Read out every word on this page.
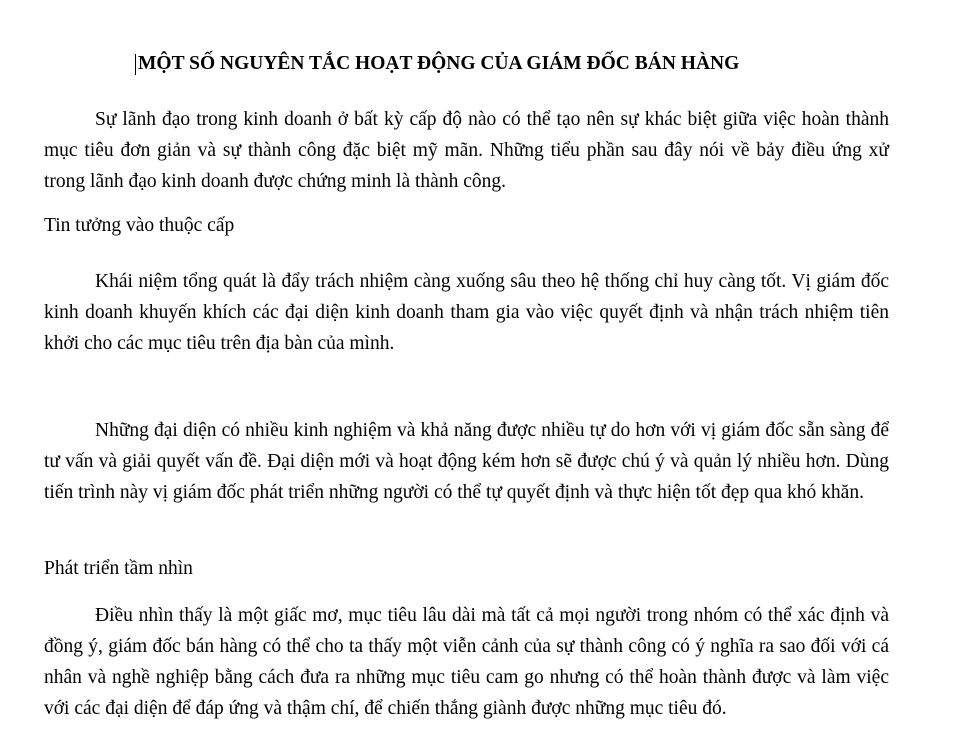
MỘT SỐ NGUYÊN TẮC HOẠT ĐỘNG CỦA GIÁM ĐỐC BÁN HÀNG

Sự lãnh đạo trong kinh doanh ở bất kỳ cấp độ nào có thể tạo nên sự khác biệt giữa việc hoàn thành mục tiêu đơn giản và sự thành công đặc biệt mỹ mãn. Những tiểu phần sau đây nói về bảy điều ứng xử trong lãnh đạo kinh doanh được chứng minh là thành công.

Tin tưởng vào thuộc cấp

Khái niệm tổng quát là đẩy trách nhiệm càng xuống sâu theo hệ thống chỉ huy càng tốt. Vị giám đốc kinh doanh khuyến khích các đại diện kinh doanh tham gia vào việc quyết định và nhận trách nhiệm tiên khởi cho các mục tiêu trên địa bàn của mình.

Những đại diện có nhiều kinh nghiệm và khả năng được nhiều tự do hơn với vị giám đốc sẵn sàng để tư vấn và giải quyết vấn đề. Đại diện mới và hoạt động kém hơn sẽ được chú ý và quản lý nhiều hơn. Dùng tiến trình này vị giám đốc phát triển những người có thể tự quyết định và thực hiện tốt đẹp qua khó khăn.

Phát triển tầm nhìn

Điều nhìn thấy là một giấc mơ, mục tiêu lâu dài mà tất cả mọi người trong nhóm có thể xác định và đồng ý, giám đốc bán hàng có thể cho ta thấy một viễn cảnh của sự thành công có ý nghĩa ra sao đối với cá nhân và nghề nghiệp bằng cách đưa ra những mục tiêu cam go nhưng có thể hoàn thành được và làm việc với các đại diện để đáp ứng và thậm chí, để chiến thắng giành được những mục tiêu đó.
